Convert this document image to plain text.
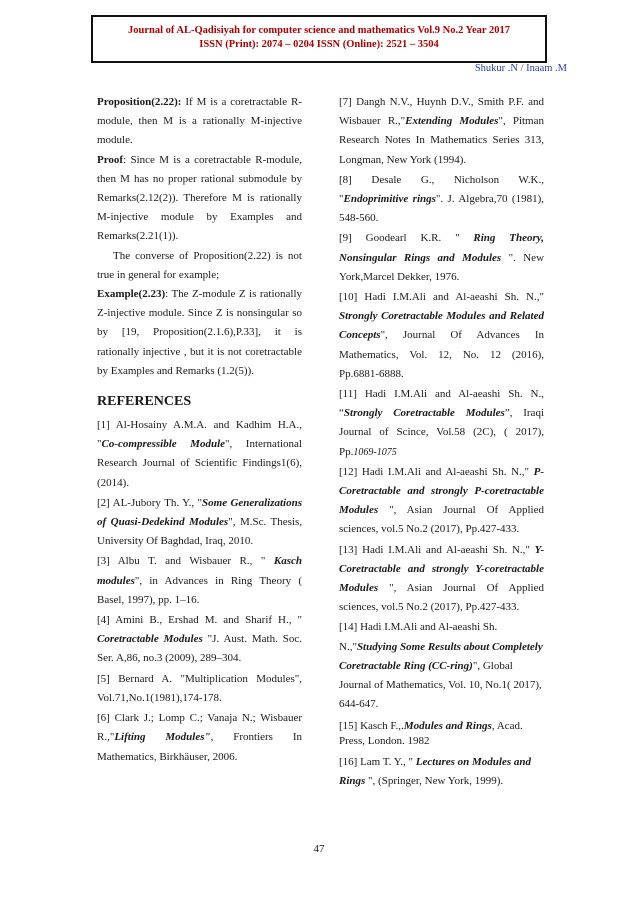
Journal of AL-Qadisiyah for computer science and mathematics Vol.9 No.2 Year 2017
ISSN (Print): 2074 – 0204 ISSN (Online): 2521 – 3504
Shukur .N / Inaam .M

Proposition(2.22): If M is a coretractable R-module, then M is a rationally M-injective module.

Proof: Since M is a coretractable R-module, then M has no proper rational submodule by Remarks(2.12(2)). Therefore M is rationally M-injective module by Examples and Remarks(2.21(1)).

The converse of Proposition(2.22) is not true in general for example;

Example(2.23): The Z-module Z is rationally Z-injective module. Since Z is nonsingular so by [19, Proposition(2.1.6),P.33], it is rationally injective , but it is not coretractable by Examples and Remarks (1.2(5)).

REFERENCES

[1] Al-Hosainy A.M.A. and Kadhim H.A., "Co-compressible Module", International Research Journal of Scientific Findings1(6), (2014).

[2] AL-Jubory Th. Y., "Some Generalizations of Quasi-Dedekind Modules", M.Sc. Thesis, University Of Baghdad, Iraq, 2010.

[3] Albu T. and Wisbauer R., " Kasch modules", in Advances in Ring Theory ( Basel, 1997), pp. 1–16.

[4] Amini B., Ershad M. and Sharif H., " Coretractable Modules "J. Aust. Math. Soc. Ser. A,86, no.3 (2009), 289–304.

[5] Bernard A. "Multiplication Modules", Vol.71,No.1(1981),174-178.

[6] Clark J.; Lomp C.; Vanaja N.; Wisbauer R.,"Lifting Modules", Frontiers In Mathematics, Birkhäuser, 2006.

[7] Dangh N.V., Huynh D.V., Smith P.F. and Wisbauer R.,"Extending Modules", Pitman Research Notes In Mathematics Series 313, Longman, New York (1994).

[8] Desale G., Nicholson W.K., "Endoprimitive rings". J. Algebra,70 (1981), 548-560.

[9] Goodearl K.R. " Ring Theory, Nonsingular Rings and Modules ". New York,Marcel Dekker, 1976.

[10] Hadi I.M.Ali and Al-aeashi Sh. N.," Strongly Coretractable Modules and Related Concepts", Journal Of Advances In Mathematics, Vol. 12, No. 12 (2016), Pp.6881-6888.

[11] Hadi I.M.Ali and Al-aeashi Sh. N., “Strongly Coretractable Modules”, Iraqi Journal of Scince, Vol.58 (2C), ( 2017), Pp.1069-1075

[12] Hadi I.M.Ali and Al-aeashi Sh. N.," P-Coretractable and strongly P-coretractable Modules ", Asian Journal Of Applied sciences, vol.5 No.2 (2017), Pp.427-433.

[13] Hadi I.M.Ali and Al-aeashi Sh. N.," Y-Coretractable and strongly Y-coretractable Modules ", Asian Journal Of Applied sciences, vol.5 No.2 (2017), Pp.427-433.

[14] Hadi I.M.Ali and Al-aeashi Sh. N.,"Studying Some Results about Completely Coretractable Ring (CC-ring)", Global Journal of Mathematics, Vol. 10, No.1( 2017), 644-647.

[15] Kasch F.,.Modules and Rings, Acad. Press, London. 1982

[16] Lam T. Y., " Lectures on Modules and Rings ", (Springer, New York, 1999).

47
